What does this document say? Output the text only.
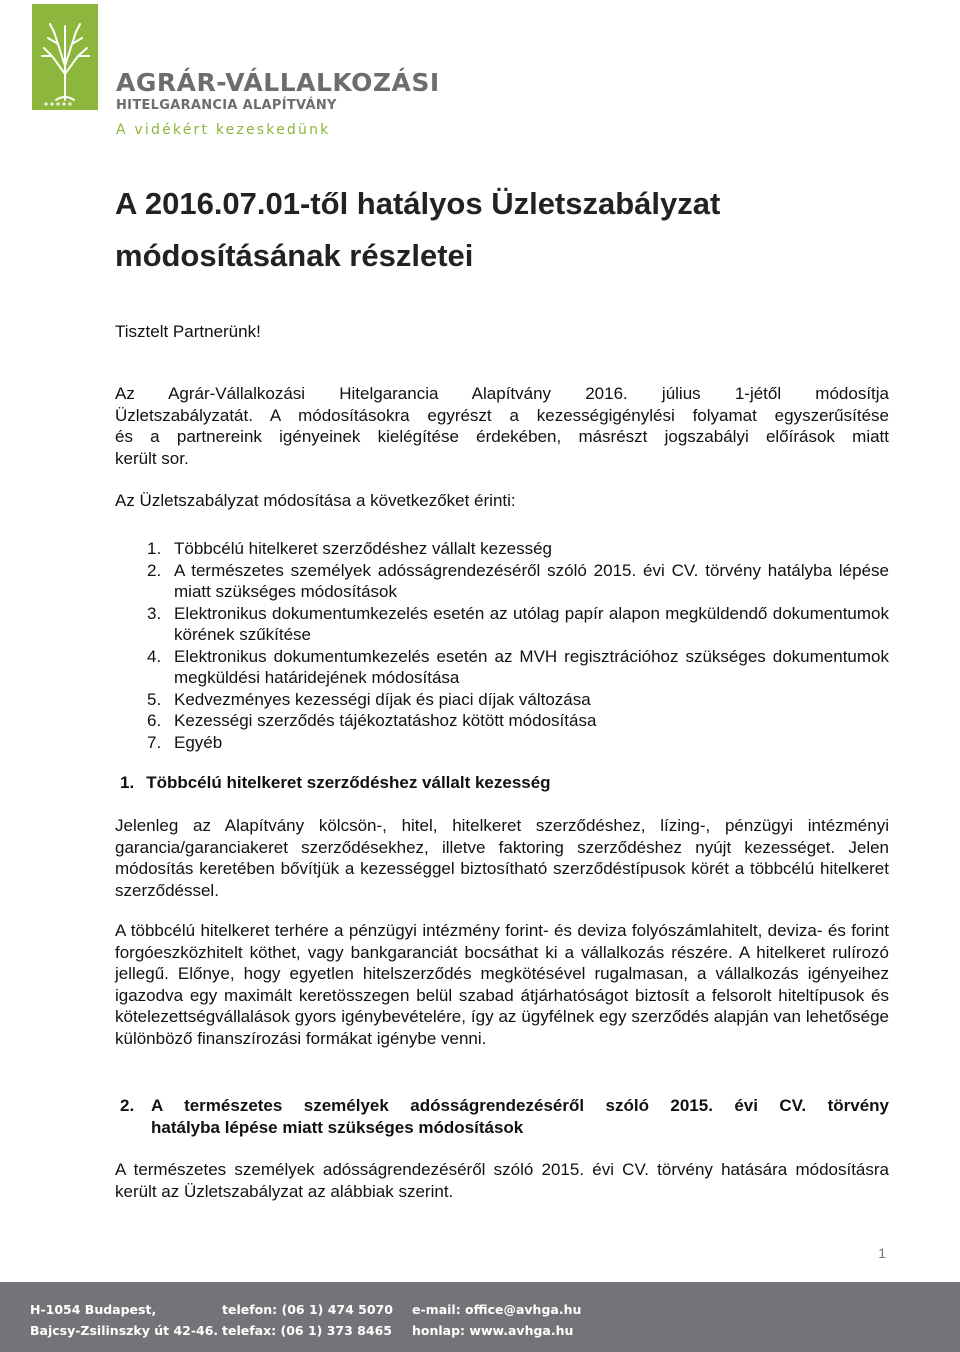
AGRÁR-VÁLLALKOZÁSI
HITELGARANCIA ALAPÍTVÁNY
A vidékért kezeskedünk
A 2016.07.01-től hatályos Üzletszabályzat
módosításának részletei

Tisztelt Partnerünk!

Az Agrár-Vállalkozási Hitelgarancia Alapítvány 2016. július 1-jétől módosítja
Üzletszabályzatát. A módosításokra egyrészt a kezességigénylési folyamat egyszerűsítése
és a partnereink igényeinek kielégítése érdekében, másrészt jogszabályi előírások miatt
került sor.

Az Üzletszabályzat módosítása a következőket érinti:

1. Többcélú hitelkeret szerződéshez vállalt kezesség
2. A természetes személyek adósságrendezéséről szóló 2015. évi CV. törvény hatályba lépése miatt szükséges módosítások
3. Elektronikus dokumentumkezelés esetén az utólag papír alapon megküldendő dokumentumok körének szűkítése
4. Elektronikus dokumentumkezelés esetén az MVH regisztrációhoz szükséges dokumentumok megküldési határidejének módosítása
5. Kedvezményes kezességi díjak és piaci díjak változása
6. Kezességi szerződés tájékoztatáshoz kötött módosítása
7. Egyéb
1. Többcélú hitelkeret szerződéshez vállalt kezesség

Jelenleg az Alapítvány kölcsön-, hitel, hitelkeret szerződéshez, lízing-, pénzügyi intézményi garancia/garanciakeret szerződésekhez, illetve faktoring szerződéshez nyújt kezességet. Jelen módosítás keretében bővítjük a kezességgel biztosítható szerződéstípusok körét a többcélú hitelkeret szerződéssel.

A többcélú hitelkeret terhére a pénzügyi intézmény forint- és deviza folyószámlahitelt, deviza- és forint forgóeszközhitelt köthet, vagy bankgaranciát bocsáthat ki a vállalkozás részére. A hitelkeret rulírozó jellegű. Előnye, hogy egyetlen hitelszerződés megkötésével rugalmasan, a vállalkozás igényeihez igazodva egy maximált keretösszegen belül szabad átjárhatóságot biztosít a felsorolt hiteltípusok és kötelezettségvállalások gyors igénybevételére, így az ügyfélnek egy szerződés alapján van lehetősége különböző finanszírozási formákat igénybe venni.

2. A természetes személyek adósságrendezéséről szóló 2015. évi CV. törvény
hatályba lépése miatt szükséges módosítások

A természetes személyek adósságrendezéséről szóló 2015. évi CV. törvény hatására módosításra került az Üzletszabályzat az alábbiak szerint.

1
H-1054 Budapest,
Bajcsy-Zsilinszky út 42-46.
telefon: (06 1) 474 5070
telefax: (06 1) 373 8465
e-mail: office@avhga.hu
honlap: www.avhga.hu
